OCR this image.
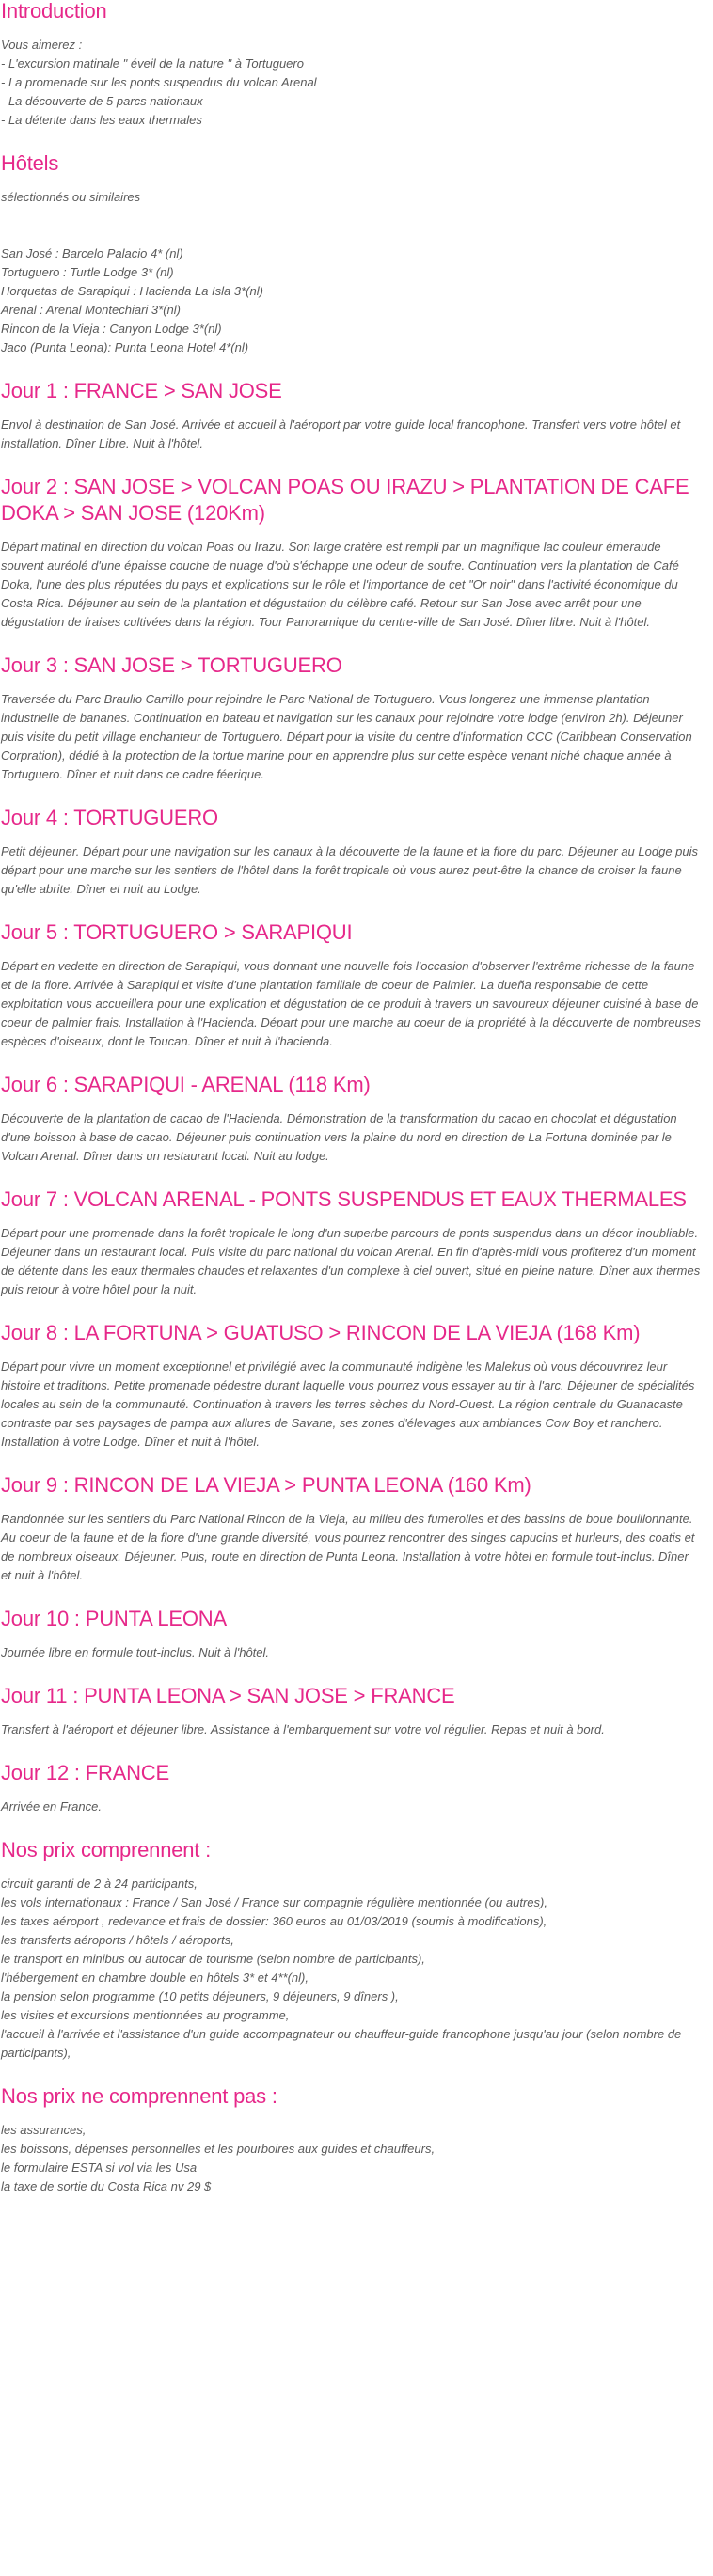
Introduction

Vous aimerez :

- L'excursion matinale " éveil de la nature " à Tortuguero

- La promenade sur les ponts suspendus du volcan Arenal

- La découverte de 5 parcs nationaux

- La détente dans les eaux thermales

Hôtels

sélectionnés ou similaires

San José : Barcelo Palacio 4* (nl)

Tortuguero : Turtle Lodge 3* (nl)

Horquetas de Sarapiqui : Hacienda La Isla 3*(nl)

Arenal : Arenal Montechiari 3*(nl)

Rincon de la Vieja : Canyon Lodge 3*(nl)

Jaco (Punta Leona): Punta Leona Hotel 4*(nl)

Jour 1 : FRANCE > SAN JOSE

Envol à destination de San José. Arrivée et accueil à l'aéroport par votre guide local francophone. Transfert vers votre hôtel et installation. Dîner Libre. Nuit à l'hôtel.

Jour 2 : SAN JOSE > VOLCAN POAS OU IRAZU > PLANTATION DE CAFE DOKA > SAN JOSE (120Km)

Départ matinal en direction du volcan Poas ou Irazu. Son large cratère est rempli par un magnifique lac couleur émeraude souvent auréolé d'une épaisse couche de nuage d'où s'échappe une odeur de soufre. Continuation vers la plantation de Café Doka, l'une des plus réputées du pays et explications sur le rôle et l'importance de cet "Or noir" dans l'activité économique du Costa Rica. Déjeuner au sein de la plantation et dégustation du célèbre café. Retour sur San Jose avec arrêt pour une dégustation de fraises cultivées dans la région. Tour Panoramique du centre-ville de San José. Dîner libre. Nuit à l'hôtel.

Jour 3 : SAN JOSE > TORTUGUERO

Traversée du Parc Braulio Carrillo pour rejoindre le Parc National de Tortuguero. Vous longerez une immense plantation industrielle de bananes. Continuation en bateau et navigation sur les canaux pour rejoindre votre lodge (environ 2h). Déjeuner puis visite du petit village enchanteur de Tortuguero. Départ pour la visite du centre d'information CCC (Caribbean Conservation Corpration), dédié à la protection de la tortue marine pour en apprendre plus sur cette espèce venant niché chaque année à Tortuguero. Dîner et nuit dans ce cadre féerique.

Jour 4 : TORTUGUERO

Petit déjeuner. Départ pour une navigation sur les canaux à la découverte de la faune et la flore du parc. Déjeuner au Lodge puis départ pour une marche sur les sentiers de l'hôtel dans la forêt tropicale où vous aurez peut-être la chance de croiser la faune qu'elle abrite. Dîner et nuit au Lodge.

Jour 5 : TORTUGUERO > SARAPIQUI

Départ en vedette en direction de Sarapiqui, vous donnant une nouvelle fois l'occasion d'observer l'extrême richesse de la faune et de la flore. Arrivée à Sarapiqui et visite d'une plantation familiale de coeur de Palmier. La dueña responsable de cette exploitation vous accueillera pour une explication et dégustation de ce produit à travers un savoureux déjeuner cuisiné à base de coeur de palmier frais. Installation à l'Hacienda. Départ pour une marche au coeur de la propriété à la découverte de nombreuses espèces d'oiseaux, dont le Toucan. Dîner et nuit à l'hacienda.

Jour 6 : SARAPIQUI - ARENAL (118 Km)

Découverte de la plantation de cacao de l'Hacienda. Démonstration de la transformation du cacao en chocolat et dégustation d'une boisson à base de cacao. Déjeuner puis continuation vers la plaine du nord en direction de La Fortuna dominée par le Volcan Arenal. Dîner dans un restaurant local. Nuit au lodge.

Jour 7 : VOLCAN ARENAL - PONTS SUSPENDUS ET EAUX THERMALES

Départ pour une promenade dans la forêt tropicale le long d'un superbe parcours de ponts suspendus dans un décor inoubliable. Déjeuner dans un restaurant local. Puis visite du parc national du volcan Arenal. En fin d'après-midi vous profiterez d'un moment de détente dans les eaux thermales chaudes et relaxantes d'un complexe à ciel ouvert, situé en pleine nature. Dîner aux thermes puis retour à votre hôtel pour la nuit.

Jour 8 : LA FORTUNA > GUATUSO > RINCON DE LA VIEJA (168 Km)

Départ pour vivre un moment exceptionnel et privilégié avec la communauté indigène les Malekus où vous découvrirez leur histoire et traditions. Petite promenade pédestre durant laquelle vous pourrez vous essayer au tir à l'arc. Déjeuner de spécialités locales au sein de la communauté. Continuation à travers les terres sèches du Nord-Ouest. La région centrale du Guanacaste contraste par ses paysages de pampa aux allures de Savane, ses zones d'élevages aux ambiances Cow Boy et ranchero. Installation à votre Lodge. Dîner et nuit à l'hôtel.

Jour 9 : RINCON DE LA VIEJA > PUNTA LEONA (160 Km)

Randonnée sur les sentiers du Parc National Rincon de la Vieja, au milieu des fumerolles et des bassins de boue bouillonnante. Au coeur de la faune et de la flore d'une grande diversité, vous pourrez rencontrer des singes capucins et hurleurs, des coatis et de nombreux oiseaux. Déjeuner. Puis, route en direction de Punta Leona. Installation à votre hôtel en formule tout-inclus. Dîner et nuit à l'hôtel.

Jour 10 : PUNTA LEONA

Journée libre en formule tout-inclus. Nuit à l'hôtel.

Jour 11 : PUNTA LEONA > SAN JOSE > FRANCE

Transfert à l'aéroport et déjeuner libre. Assistance à l'embarquement sur votre vol régulier. Repas et nuit à bord.

Jour 12 : FRANCE

Arrivée en France.

Nos prix comprennent :

circuit garanti de 2 à 24 participants,

les vols internationaux : France / San José / France sur compagnie régulière mentionnée (ou autres),

les taxes aéroport , redevance et frais de dossier: 360 euros au 01/03/2019 (soumis à modifications),

les transferts aéroports / hôtels / aéroports,

le transport en minibus ou autocar de tourisme (selon nombre de participants),

l'hébergement en chambre double en hôtels 3* et 4**(nl),

la pension selon programme (10 petits déjeuners, 9 déjeuners, 9 dîners ),

les visites et excursions mentionnées au programme,

l'accueil à l'arrivée et l'assistance d'un guide accompagnateur ou chauffeur-guide francophone jusqu'au jour (selon nombre de participants),

Nos prix ne comprennent pas :

les assurances,

les boissons, dépenses personnelles et les pourboires aux guides et chauffeurs,

le formulaire ESTA si vol via les Usa

la taxe de sortie du Costa Rica nv 29 $
